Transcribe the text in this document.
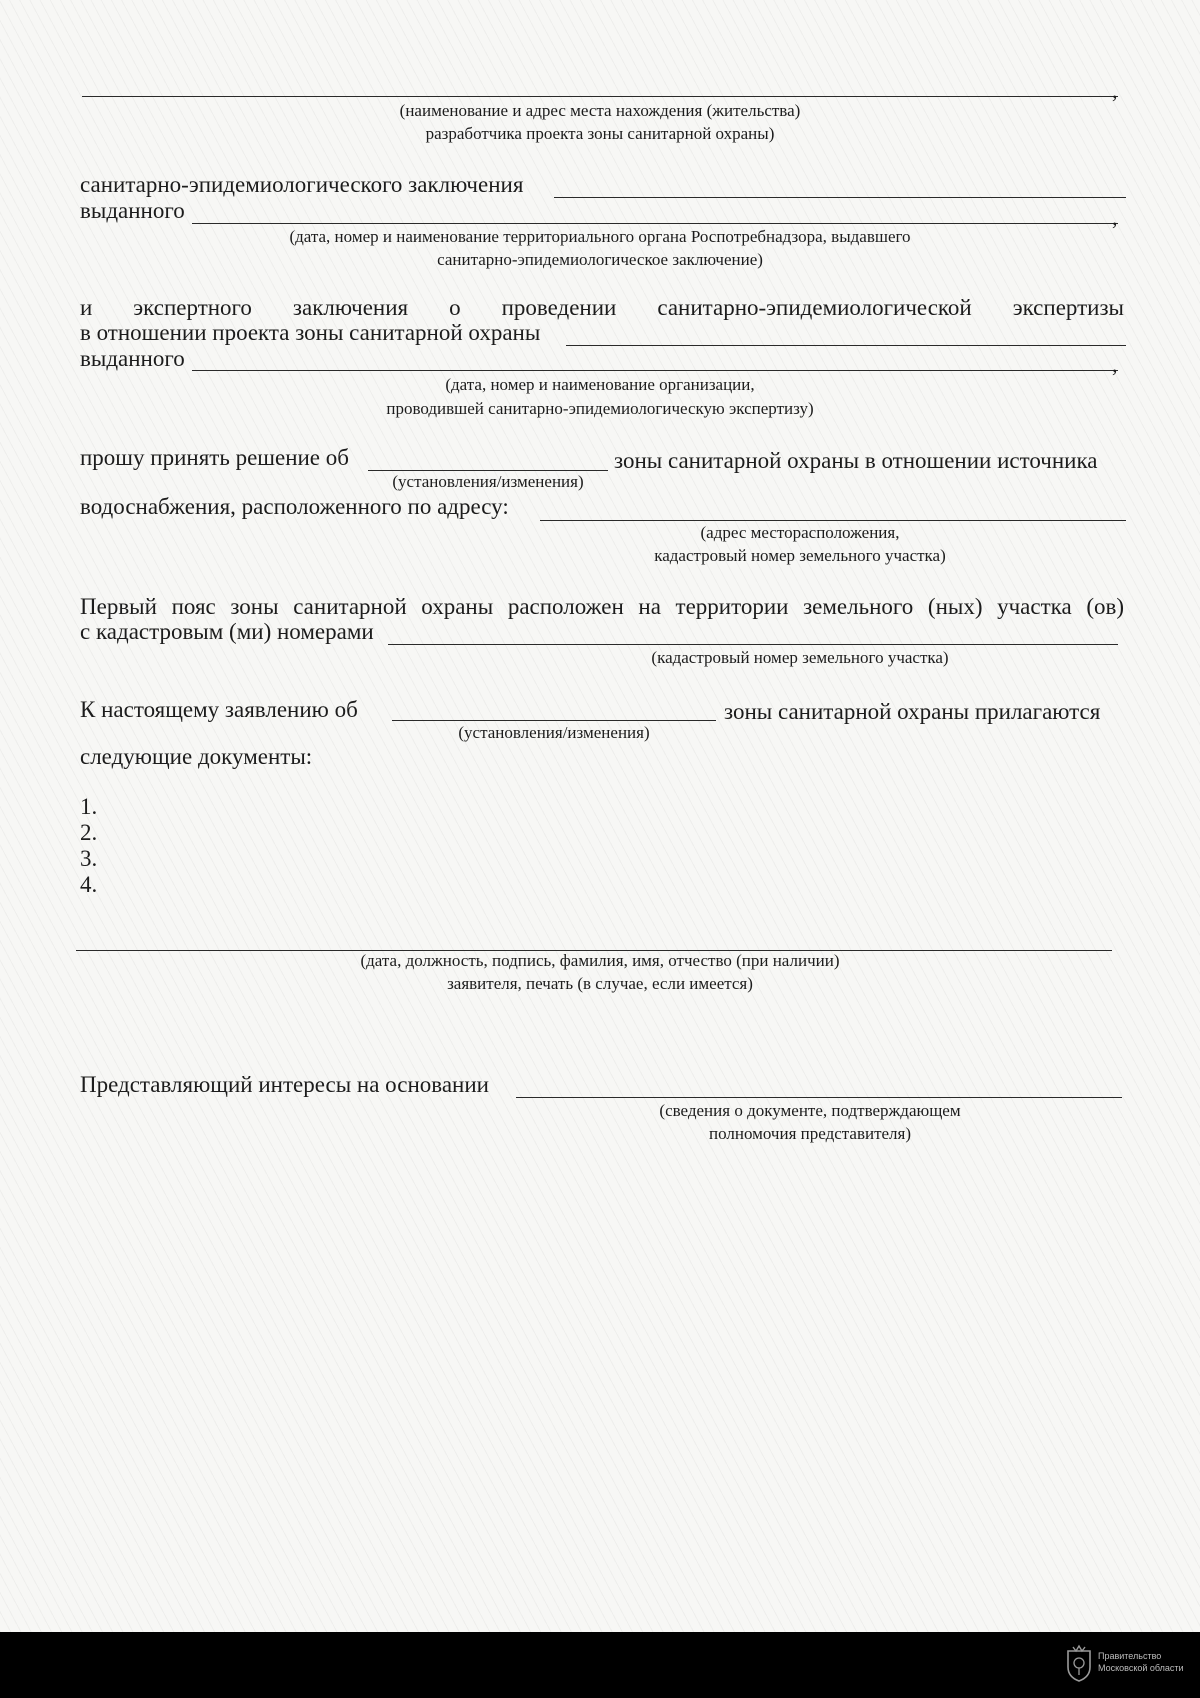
,
(наименование и адрес места нахождения (жительства)
разработчика проекта зоны санитарной охраны)
санитарно-эпидемиологического заключения
выданного	,
(дата, номер и наименование территориального органа Роспотребнадзора, выдавшего
санитарно-эпидемиологическое заключение)
и экспертного заключения о проведении санитарно-эпидемиологической экспертизы
в отношении проекта зоны санитарной охраны
выданного	,
(дата, номер и наименование организации,
проводившей санитарно-эпидемиологическую экспертизу)
прошу принять решение об	зоны санитарной охраны в отношении источника
(установления/изменения)
водоснабжения, расположенного по адресу:
(адрес месторасположения,
кадастровый номер земельного участка)
Первый пояс зоны санитарной охраны расположен на территории земельного (ных) участка (ов)
с кадастровым (ми) номерами
(кадастровый номер земельного участка)
К настоящему заявлению об	зоны санитарной охраны прилагаются
(установления/изменения)
следующие документы:
1.
2.
3.
4.
(дата, должность, подпись, фамилия, имя, отчество (при наличии)
заявителя, печать (в случае, если имеется)
Представляющий интересы на основании
(сведения о документе, подтверждающем
полномочия представителя)
Правительство
Московской области
